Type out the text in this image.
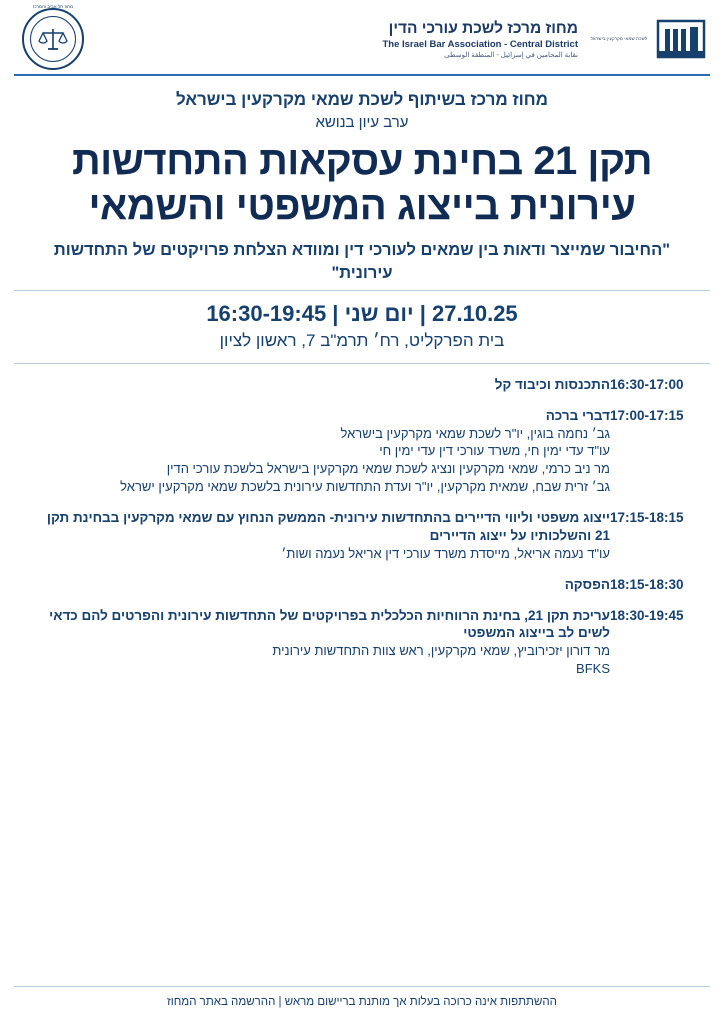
לשכת שמאי מקרקעין בישראל
מחוז מרכז לשכת עורכי הדין
The Israel Bar Association - Central District
نقابة المحامين في إسرائيل - المنطقة الوسطى
מחוז תל אביב והמרכז
מחוז מרכז בשיתוף לשכת שמאי מקרקעין בישראל
ערב עיון בנושא
תקן 21 בחינת עסקאות התחדשות עירונית בייצוג המשפטי והשמאי
"החיבור שמייצר ודאות בין שמאים לעורכי דין ומוודא הצלחת פרויקטים של התחדשות עירונית"
27.10.25 | יום שני | 16:30-19:45
בית הפרקליט, רח׳ תרמ"ב 7, ראשון לציון
16:30-17:00
התכנסות וכיבוד קל
17:00-17:15
דברי ברכה
גב׳ נחמה בוגין, יו"ר לשכת שמאי מקרקעין בישראל
עו"ד עדי ימין חי, משרד עורכי דין עדי ימין חי
מר ניב כרמי, שמאי מקרקעין ונציג לשכת שמאי מקרקעין בישראל בלשכת עורכי הדין
גב׳ זרית שבח, שמאית מקרקעין, יו"ר ועדת התחדשות עירונית בלשכת שמאי מקרקעין ישראל
17:15-18:15
ייצוג משפטי וליווי הדיירים בהתחדשות עירונית- הממשק הנחוץ עם שמאי מקרקעין בבחינת תקן 21 והשלכותיו על ייצוג הדיירים
עו"ד נעמה אריאל, מייסדת משרד עורכי דין אריאל נעמה ושות׳
18:15-18:30
הפסקה
18:30-19:45
עריכת תקן 21, בחינת הרווחיות הכלכלית בפרויקטים של התחדשות עירונית והפרטים להם כדאי לשים לב בייצוג המשפטי
מר דורון יזכירוביץ, שמאי מקרקעין, ראש צוות התחדשות עירונית
BFKS
ההשתתפות אינה כרוכה בעלות אך מותנת בריישום מראש | ההרשמה באתר המחוז
